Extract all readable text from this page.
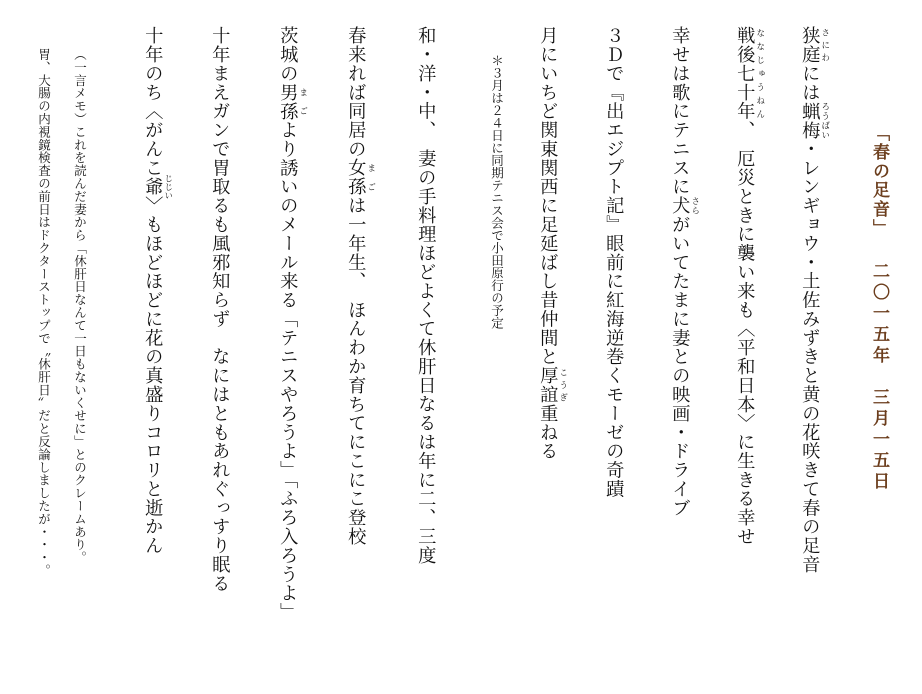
「春の足音」
二〇一五年　三月一五日
狭庭 さにわには蝋梅 ろうばい・レンギョウ・土佐みずきと黄の花咲きて春の足音
戦後七十年 ななじゅうねん、　厄災ときに襲い来も〈平和日本〉に生きる幸せ
幸せは歌にテニスに犬 さらがいてたまに妻との映画・ドライブ
３Ｄで『出エジプト記』眼前に紅海逆巻くモーゼの奇蹟
月にいちど関東関西に足延ばし昔仲間と厚誼 こうぎ重ねる
＊３月は２４日に同期テニス会で小田原行の予定
和・洋・中、　妻の手料理ほどよくて休肝日なるは年に二、三度
春来れば同居の女孫 まごは一年生、　ほんわか育ちてにこにこ登校
茨城の男孫 まごより誘いのメール来る「テニスやろうよ」「ふろ入ろうよ」
十年まえガンで胃取るも風邪知らず　なにはともあれぐっすり眠る
十年のち〈がんこ爺 じじい〉もほどほどに花の真盛りコロリと逝かん
（一言メモ）これを読んだ妻から「休肝日なんて一日もないくせに」とのクレームあり。
胃、大腸の内視鏡検査の前日はドクターストップで〝休肝日〟だと反論しましたが・・・。
